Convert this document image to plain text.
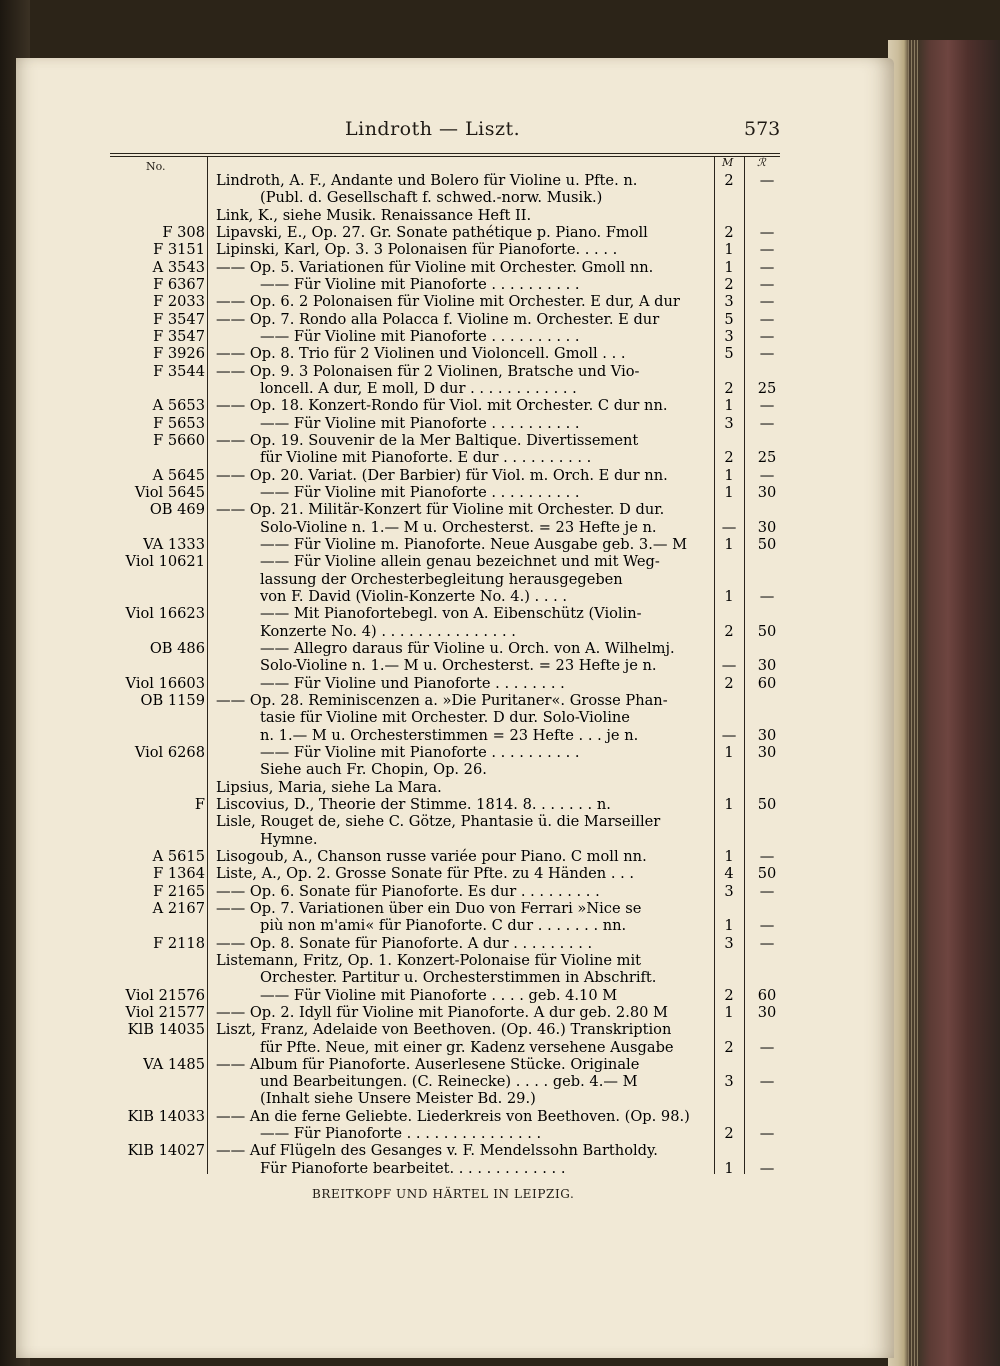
Lindroth — Liszt.	573
No.	M ℛ
Lindroth, A. F., Andante und Bolero für Violine u. Pfte. n.	2	—
(Publ. d. Gesellschaft f. schwed.-norw. Musik.)
Link, K., siehe Musik. Renaissance Heft II.
F 308 Lipavski, E., Op. 27. Gr. Sonate pathétique p. Piano. Fmoll	2	—
F 3151 Lipinski, Karl, Op. 3. 3 Polonaisen für Pianoforte. . . . .	1	—
A 3543 —— Op. 5. Variationen für Violine mit Orchester. Gmoll nn.	1	—
F 6367	—— Für Violine mit Pianoforte . . . . . . . . . .	2	—
F 2033 —— Op. 6. 2 Polonaisen für Violine mit Orchester. E dur, A dur	3	—
F 3547 —— Op. 7. Rondo alla Polacca f. Violine m. Orchester. E dur	5	—
F 3547	—— Für Violine mit Pianoforte . . . . . . . . . .	3	—
F 3926 —— Op. 8. Trio für 2 Violinen und Violoncell. Gmoll . . .	5	—
F 3544 —— Op. 9. 3 Polonaisen für 2 Violinen, Bratsche und Vio-
loncell. A dur, E moll, D dur . . . . . . . . . . . .	2	25
A 5653 —— Op. 18. Konzert-Rondo für Viol. mit Orchester. C dur nn.	1	—
F 5653	—— Für Violine mit Pianoforte . . . . . . . . . .	3	—
F 5660 —— Op. 19. Souvenir de la Mer Baltique. Divertissement
für Violine mit Pianoforte. E dur . . . . . . . . . .	2	25
A 5645 —— Op. 20. Variat. (Der Barbier) für Viol. m. Orch. E dur nn.	1	—
Viol 5645	—— Für Violine mit Pianoforte . . . . . . . . . .	1	30
OB 469 —— Op. 21. Militär-Konzert für Violine mit Orchester. D dur.
Solo-Violine n. 1.— M u. Orchesterst. = 23 Hefte je n.	—	30
VA 1333	—— Für Violine m. Pianoforte. Neue Ausgabe geb. 3.— M	1	50
Viol 10621	—— Für Violine allein genau bezeichnet und mit Weg-
lassung der Orchesterbegleitung herausgegeben
von F. David (Violin-Konzerte No. 4.) . . . .	1	—
Viol 16623	—— Mit Pianofortebegl. von A. Eibenschütz (Violin-
Konzerte No. 4) . . . . . . . . . . . . . . .	2	50
OB 486	—— Allegro daraus für Violine u. Orch. von A. Wilhelmj.
Solo-Violine n. 1.— M u. Orchesterst. = 23 Hefte je n.	—	30
Viol 16603	—— Für Violine und Pianoforte . . . . . . . .	2	60
OB 1159 —— Op. 28. Reminiscenzen a. »Die Puritaner«. Grosse Phan-
tasie für Violine mit Orchester. D dur. Solo-Violine
n. 1.— M u. Orchesterstimmen = 23 Hefte . . . je n.	—	30
Viol 6268	—— Für Violine mit Pianoforte . . . . . . . . . .	1	30
Siehe auch Fr. Chopin, Op. 26.
Lipsius, Maria, siehe La Mara.
F Liscovius, D., Theorie der Stimme. 1814. 8. . . . . . . n.	1	50
Lisle, Rouget de, siehe C. Götze, Phantasie ü. die Marseiller
Hymne.
A 5615 Lisogoub, A., Chanson russe variée pour Piano. C moll nn.	1	—
F 1364 Liste, A., Op. 2. Grosse Sonate für Pfte. zu 4 Händen . . .	4	50
F 2165 —— Op. 6. Sonate für Pianoforte. Es dur . . . . . . . . .	3	—
A 2167 —— Op. 7. Variationen über ein Duo von Ferrari »Nice se
più non m'ami« für Pianoforte. C dur . . . . . . . nn.	1	—
F 2118 —— Op. 8. Sonate für Pianoforte. A dur . . . . . . . . .	3	—
Listemann, Fritz, Op. 1. Konzert-Polonaise für Violine mit
Orchester. Partitur u. Orchesterstimmen in Abschrift.
Viol 21576	—— Für Violine mit Pianoforte . . . . geb. 4.10 M	2	60
Viol 21577 —— Op. 2. Idyll für Violine mit Pianoforte. A dur geb. 2.80 M	1	30
KlB 14035 Liszt, Franz, Adelaide von Beethoven. (Op. 46.) Transkription
für Pfte. Neue, mit einer gr. Kadenz versehene Ausgabe	2	—
VA 1485 —— Album für Pianoforte. Auserlesene Stücke. Originale
und Bearbeitungen. (C. Reinecke) . . . . geb. 4.— M	3	—
(Inhalt siehe Unsere Meister Bd. 29.)
KlB 14033 —— An die ferne Geliebte. Liederkreis von Beethoven. (Op. 98.)
—— Für Pianoforte . . . . . . . . . . . . . . .	2	—
KlB 14027 —— Auf Flügeln des Gesanges v. F. Mendelssohn Bartholdy.
Für Pianoforte bearbeitet. . . . . . . . . . . . .	1	—
BREITKOPF UND HÄRTEL IN LEIPZIG.
